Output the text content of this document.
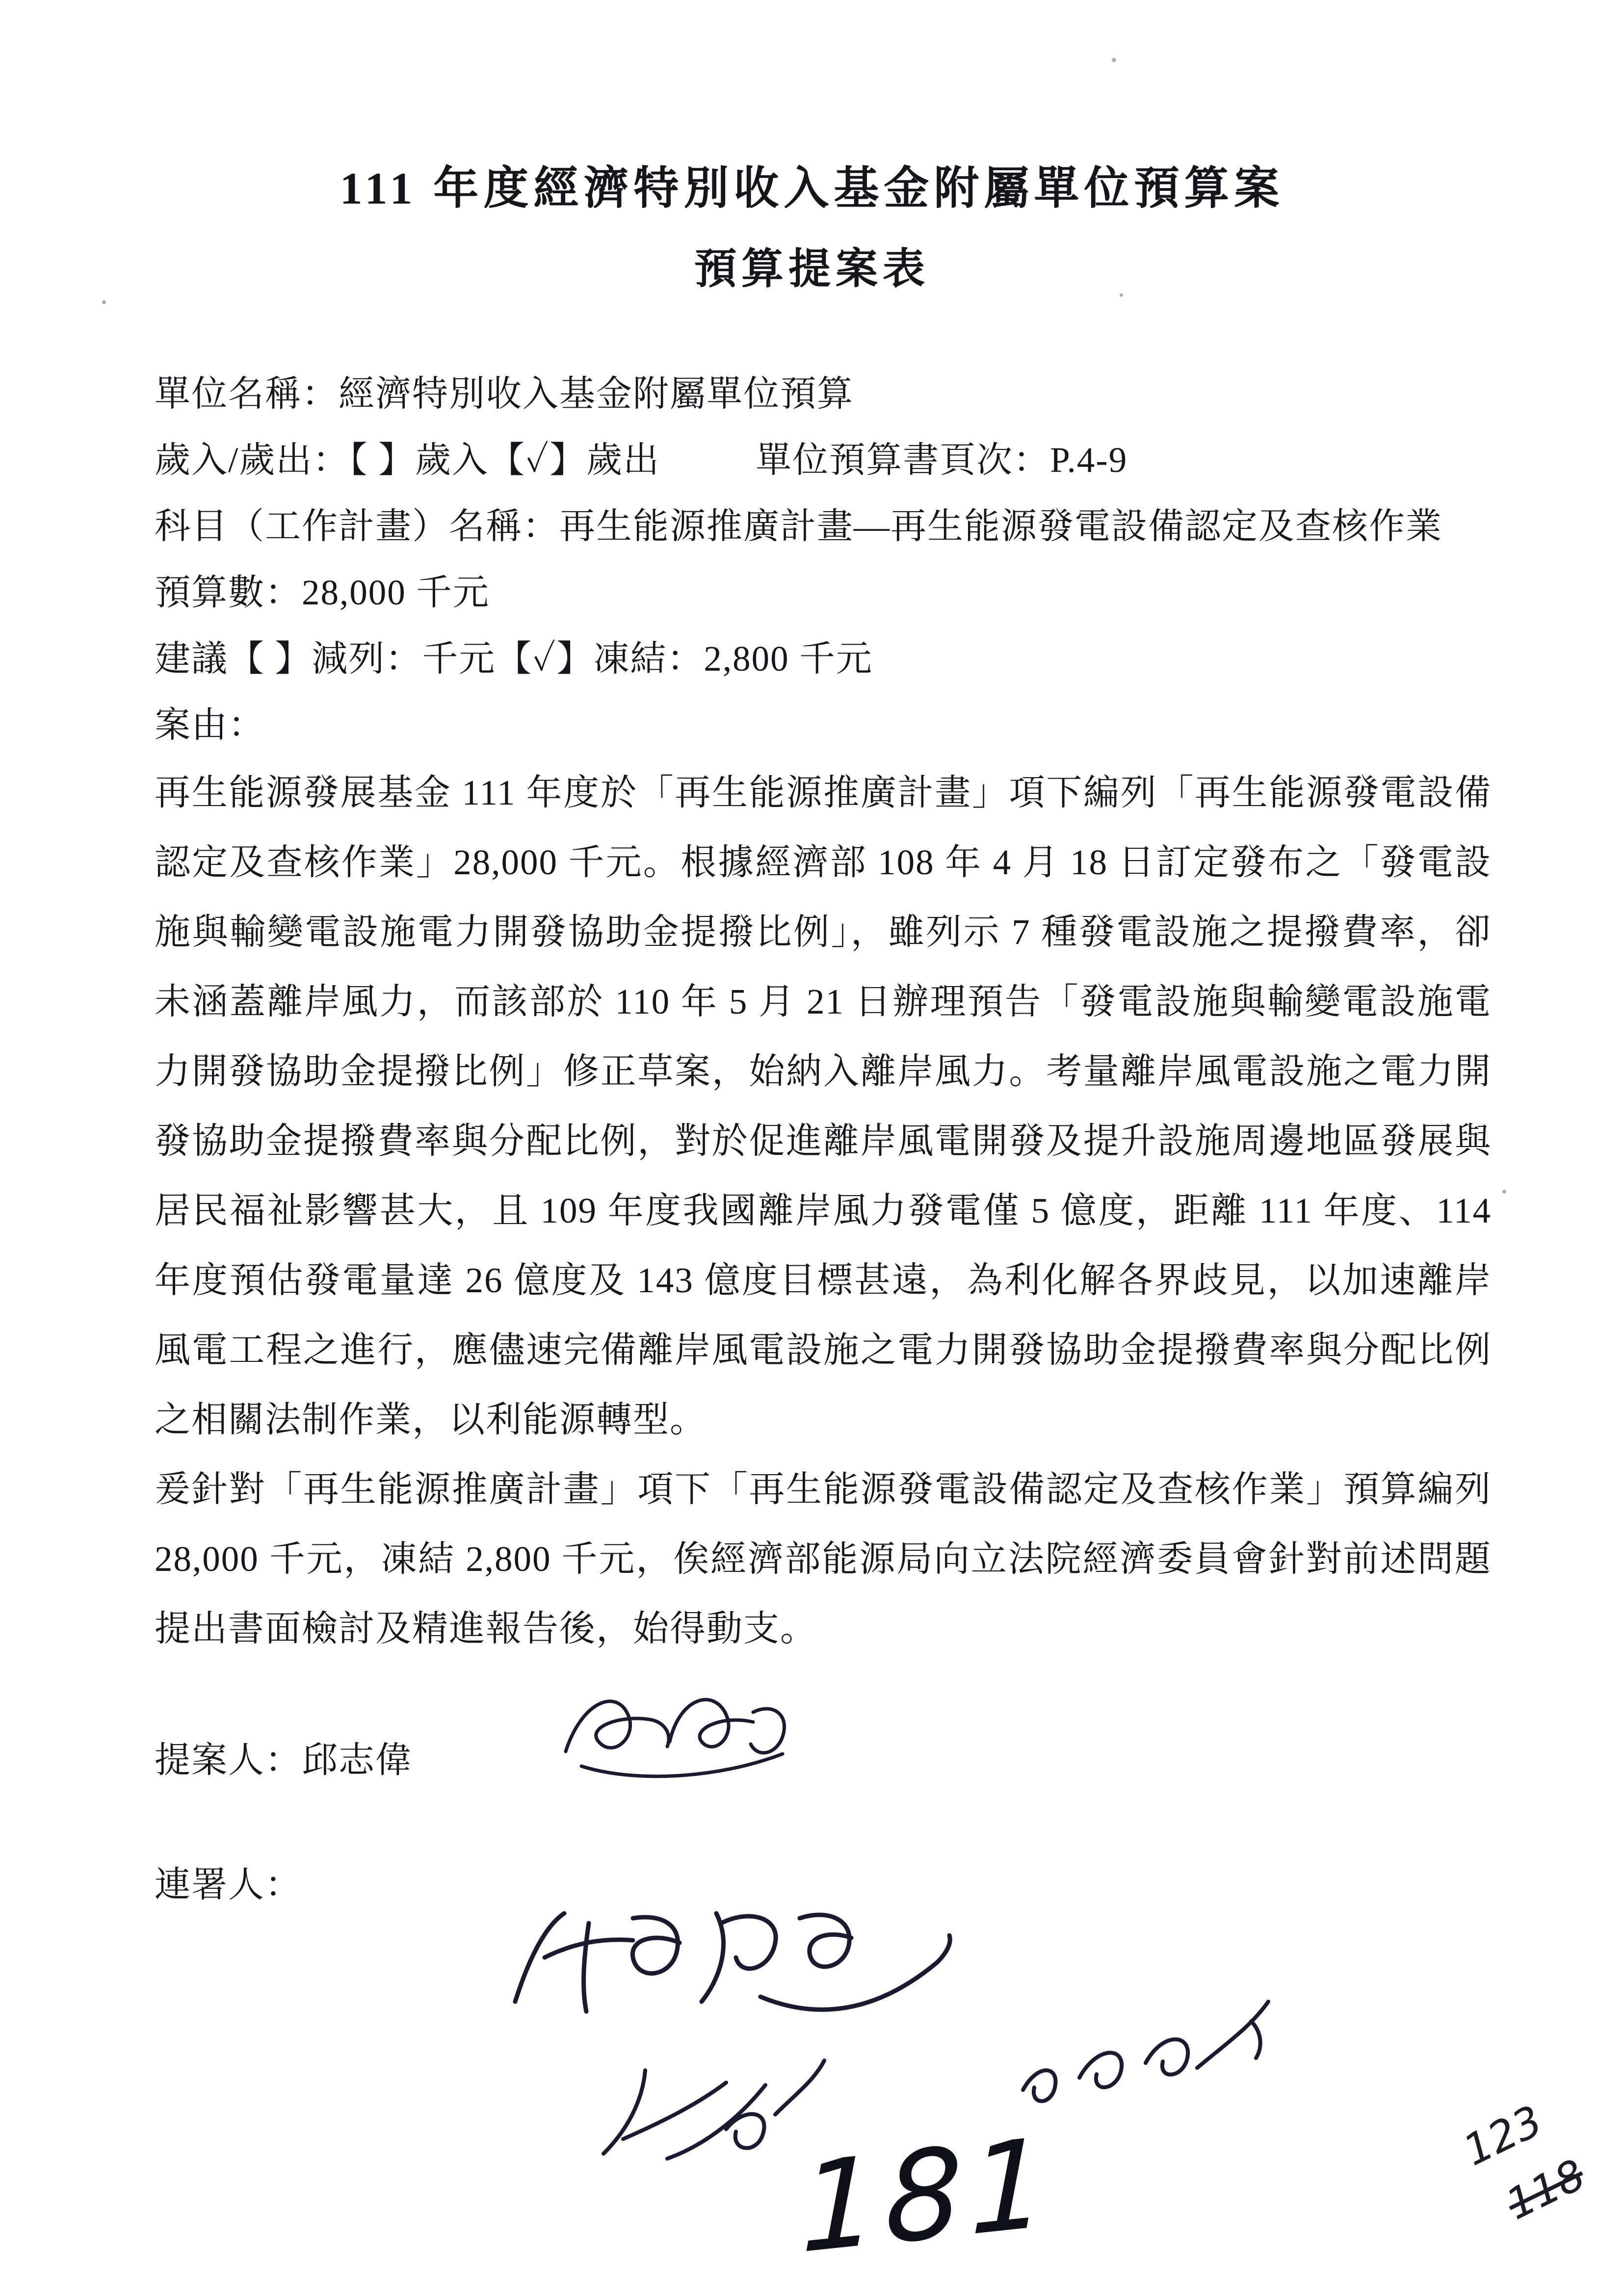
111 年度經濟特別收入基金附屬單位預算案
預算提案表

單位名稱：經濟特別收入基金附屬單位預算

歲入/歲出：【 】歲入【✓】歲出	單位預算書頁次：P.4-9

科目（工作計畫）名稱：再生能源推廣計畫—再生能源發電設備認定及查核作業

預算數：28,000 千元

建議【 】減列：千元【✓】凍結：2,800 千元

案由：

再生能源發展基金 111 年度於「再生能源推廣計畫」項下編列「再生能源發電設備認定及查核作業」28,000 千元。根據經濟部 108 年 4 月 18 日訂定發布之「發電設施與輸變電設施電力開發協助金提撥比例」，雖列示 7 種發電設施之提撥費率，卻未涵蓋離岸風力，而該部於 110 年 5 月 21 日辦理預告「發電設施與輸變電設施電力開發協助金提撥比例」修正草案，始納入離岸風力。考量離岸風電設施之電力開發協助金提撥費率與分配比例，對於促進離岸風電開發及提升設施周邊地區發展與居民福祉影響甚大，且 109 年度我國離岸風力發電僅 5 億度，距離 111 年度、114 年度預估發電量達 26 億度及 143 億度目標甚遠，為利化解各界歧見，以加速離岸風電工程之進行，應儘速完備離岸風電設施之電力開發協助金提撥費率與分配比例之相關法制作業，以利能源轉型。

爰針對「再生能源推廣計畫」項下「再生能源發電設備認定及查核作業」預算編列 28,000 千元，凍結 2,800 千元，俟經濟部能源局向立法院經濟委員會針對前述問題提出書面檢討及精進報告後，始得動支。

提案人：邱志偉

連署人：

181	123
118
